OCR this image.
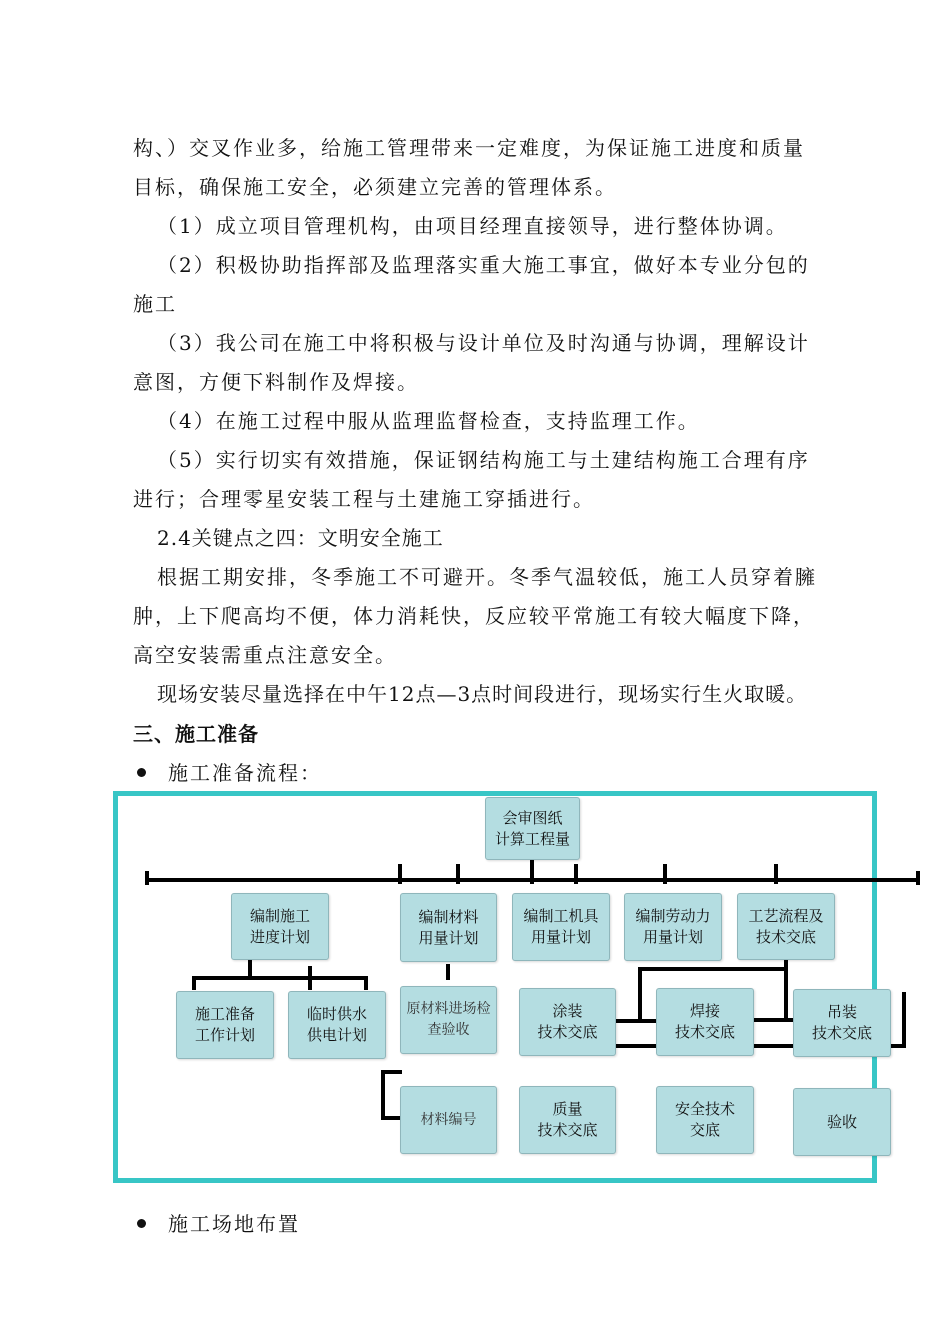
构、）交叉作业多，给施工管理带来一定难度，为保证施工进度和质量
目标，确保施工安全，必须建立完善的管理体系。
（1）成立项目管理机构，由项目经理直接领导，进行整体协调。
（2）积极协助指挥部及监理落实重大施工事宜，做好本专业分包的
施工
（3）我公司在施工中将积极与设计单位及时沟通与协调，理解设计
意图，方便下料制作及焊接。
（4）在施工过程中服从监理监督检查，支持监理工作。
（5）实行切实有效措施，保证钢结构施工与土建结构施工合理有序
进行；合理零星安装工程与土建施工穿插进行。
2.4关键点之四：文明安全施工
根据工期安排，冬季施工不可避开。冬季气温较低，施工人员穿着臃
肿，上下爬高均不便，体力消耗快，反应较平常施工有较大幅度下降，
高空安装需重点注意安全。
现场安装尽量选择在中午12点—3点时间段进行，现场实行生火取暖。
三、施工准备
施工准备流程：
会审图纸
计算工程量
编制施工
进度计划
编制材料
用量计划
编制工机具
用量计划
编制劳动力
用量计划
工艺流程及
技术交底
施工准备
工作计划
临时供水
供电计划
原材料进场检查验收
涂装
技术交底
焊接
技术交底
吊装
技术交底
材料编号
质量
技术交底
安全技术
交底	验收
施工场地布置
